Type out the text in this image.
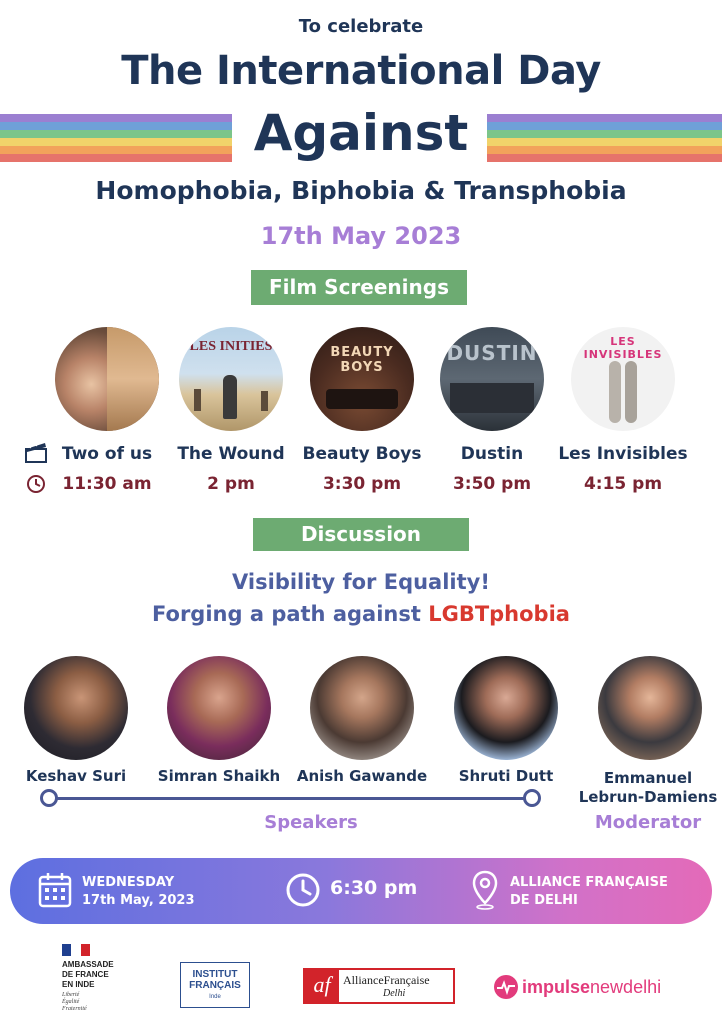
To celebrate
The International Day
Against
Homophobia, Biphobia & Transphobia
17th May 2023
Film Screenings
Two of us
11:30 am
LES INITIES
The Wound
2 pm
BEAUTY BOYS
Beauty Boys
3:30 pm
DUSTIN
Dustin
3:50 pm
LES INVISIBLES
Les Invisibles
4:15 pm
Discussion
Visibility for Equality!
Forging a path against LGBTphobia
Keshav Suri	Simran Shaikh	Anish Gawande	Shruti Dutt	Emmanuel
Lebrun-Damiens
Speakers	Moderator
WEDNESDAY
17th May, 2023
6:30 pm	ALLIANCE FRANÇAISE
DE DELHI
AMBASSADE
DE FRANCE
EN INDE
Liberté
Égalité
Fraternité
INSTITUT
FRANÇAIS
Inde	af	AllianceFrançaise
Delhi	impulsenewdelhi
